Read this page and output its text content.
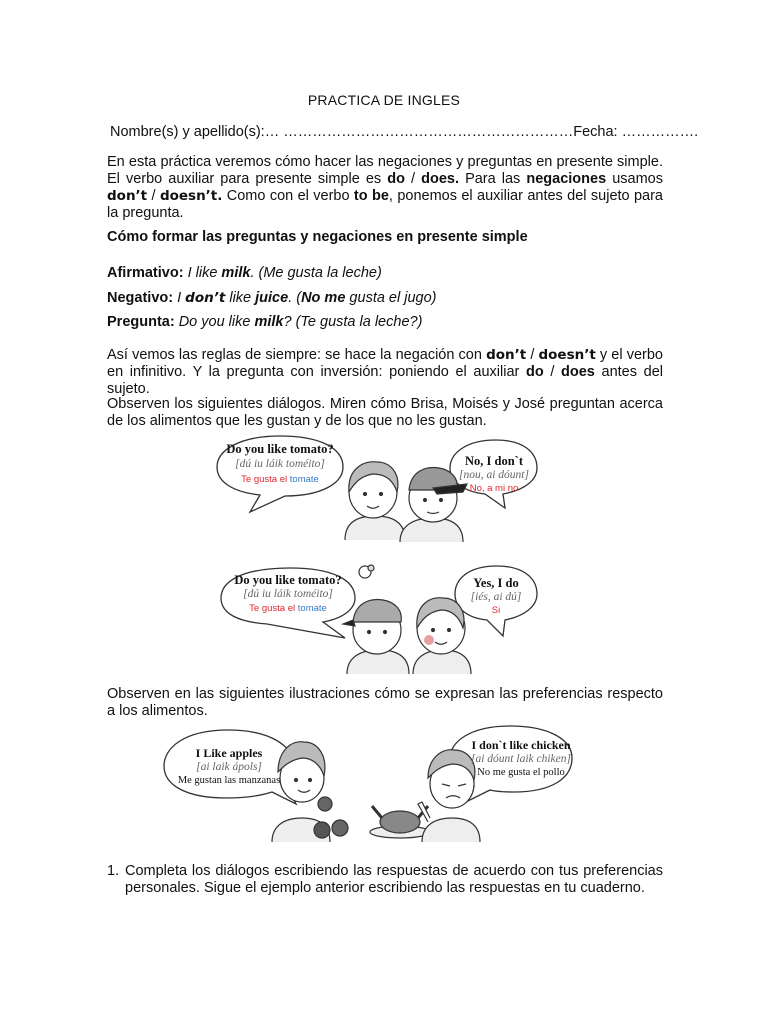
PRACTICA DE INGLES
Nombre(s) y apellido(s):… ……………………………………………………Fecha: …………….
En esta práctica veremos cómo hacer las negaciones y preguntas en presente simple. El verbo auxiliar para presente simple es do / does. Para las negaciones usamos don’t / doesn’t. Como con el verbo to be, ponemos el auxiliar antes del sujeto para la pregunta.
Cómo formar las preguntas y negaciones en presente simple
Afirmativo: I like milk. (Me gusta la leche)
Negativo: I don’t like juice. (No me gusta el jugo)
Pregunta: Do you like milk? (Te gusta la leche?)
Así vemos las reglas de siempre: se hace la negación con don’t / doesn’t y el verbo en infinitivo. Y la pregunta con inversión: poniendo el auxiliar do / does antes del sujeto.
Observen los siguientes diálogos. Miren cómo Brisa, Moisés y José preguntan acerca de los alimentos que les gustan y de los que no les gustan.
Do you like tomato?
[dú iu láik toméito]
Te gusta el tomate
No, I don`t
[nou, ai dóunt]
No, a mi no
Do you like tomato?
[dú iu láik toméito]
Te gusta el tomate
Yes, I do
[iés, ai dú]
Si
Observen en las siguientes ilustraciones cómo se expresan las preferencias respecto a los alimentos.
I Like apples
[ai laik ápols]
Me gustan las manzanas
I don`t like chicken
[ai dóunt laik chiken]
No me gusta el pollo
1. Completa los diálogos escribiendo las respuestas de acuerdo con tus preferencias personales. Sigue el ejemplo anterior escribiendo las respuestas en tu cuaderno.
